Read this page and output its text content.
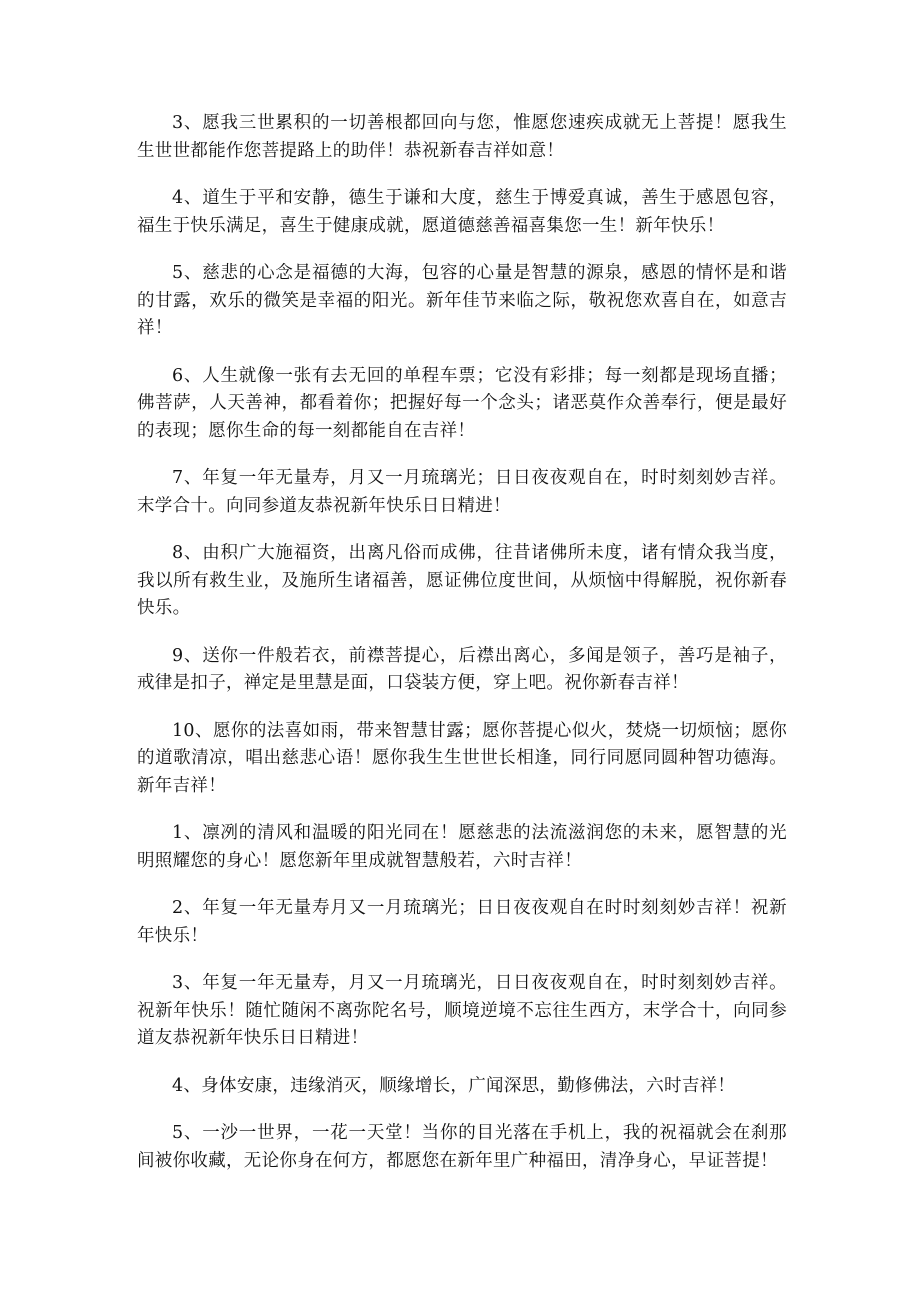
3、愿我三世累积的一切善根都回向与您，惟愿您速疾成就无上菩提！愿我生生世世都能作您菩提路上的助伴！恭祝新春吉祥如意！

4、道生于平和安静，德生于谦和大度，慈生于博爱真诚，善生于感恩包容，福生于快乐满足，喜生于健康成就，愿道德慈善福喜集您一生！新年快乐！

5、慈悲的心念是福德的大海，包容的心量是智慧的源泉，感恩的情怀是和谐的甘露，欢乐的微笑是幸福的阳光。新年佳节来临之际，敬祝您欢喜自在，如意吉祥！

6、人生就像一张有去无回的单程车票；它没有彩排；每一刻都是现场直播；佛菩萨，人天善神，都看着你；把握好每一个念头；诸恶莫作众善奉行，便是最好的表现；愿你生命的每一刻都能自在吉祥！

7、年复一年无量寿，月又一月琉璃光；日日夜夜观自在，时时刻刻妙吉祥。末学合十。向同参道友恭祝新年快乐日日精进！

8、由积广大施福资，出离凡俗而成佛，往昔诸佛所未度，诸有情众我当度，我以所有救生业，及施所生诸福善，愿证佛位度世间，从烦恼中得解脱，祝你新春快乐。

9、送你一件般若衣，前襟菩提心，后襟出离心，多闻是领子，善巧是袖子，戒律是扣子，禅定是里慧是面，口袋装方便，穿上吧。祝你新春吉祥！

10、愿你的法喜如雨，带来智慧甘露；愿你菩提心似火，焚烧一切烦恼；愿你的道歌清凉，唱出慈悲心语！愿你我生生世世长相逢，同行同愿同圆种智功德海。新年吉祥！

1、凛冽的清风和温暖的阳光同在！愿慈悲的法流滋润您的未来，愿智慧的光明照耀您的身心！愿您新年里成就智慧般若，六时吉祥！

2、年复一年无量寿月又一月琉璃光；日日夜夜观自在时时刻刻妙吉祥！祝新年快乐！

3、年复一年无量寿，月又一月琉璃光，日日夜夜观自在，时时刻刻妙吉祥。祝新年快乐！随忙随闲不离弥陀名号，顺境逆境不忘往生西方，末学合十，向同参道友恭祝新年快乐日日精进！

4、身体安康，违缘消灭，顺缘增长，广闻深思，勤修佛法，六时吉祥！

5、一沙一世界，一花一天堂！当你的目光落在手机上，我的祝福就会在刹那间被你收藏，无论你身在何方，都愿您在新年里广种福田，清净身心，早证菩提！
